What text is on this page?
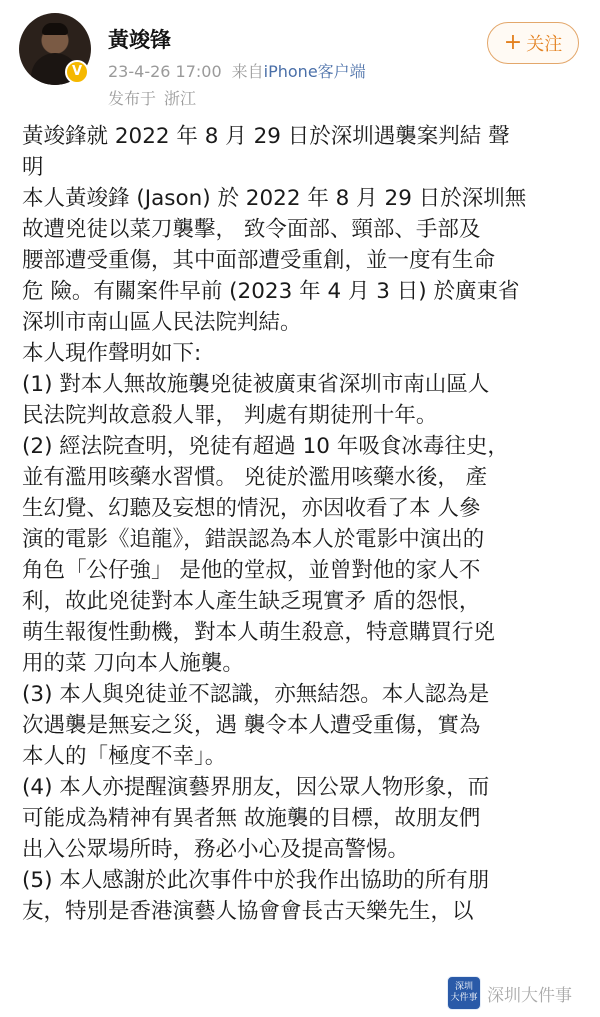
V
黃竣锋
23-4-26 17:00 来自iPhone客户端
发布于 浙江
+ 关注
黃竣鋒就 2022 年 8 月 29 日於深圳遇襲案判結 聲
明
本人黃竣鋒 (Jason) 於 2022 年 8 月 29 日於深圳無
故遭兇徒以菜刀襲擊， 致令面部、頸部、手部及
腰部遭受重傷，其中面部遭受重創，並一度有生命
危 險。有關案件早前 (2023 年 4 月 3 日) 於廣東省
深圳市南山區人民法院判結。
本人現作聲明如下:
(1) 對本人無故施襲兇徒被廣東省深圳市南山區人
民法院判故意殺人罪， 判處有期徒刑十年。
(2) 經法院查明，兇徒有超過 10 年吸食冰毒往史，
並有濫用咳藥水習慣。 兇徒於濫用咳藥水後， 產
生幻覺、幻聽及妄想的情況，亦因收看了本 人參
演的電影《追龍》，錯誤認為本人於電影中演出的
角色「公仔強」 是他的堂叔，並曾對他的家人不
利，故此兇徒對本人產生缺乏現實矛 盾的怨恨，
萌生報復性動機，對本人萌生殺意，特意購買行兇
用的菜 刀向本人施襲。
(3) 本人與兇徒並不認識，亦無結怨。本人認為是
次遇襲是無妄之災，遇 襲令本人遭受重傷，實為
本人的「極度不幸」。
(4) 本人亦提醒演藝界朋友，因公眾人物形象，而
可能成為精神有異者無 故施襲的目標，故朋友們
出入公眾場所時，務必小心及提高警惕。
(5) 本人感謝於此次事件中於我作出協助的所有朋
友，特別是香港演藝人協會會長古天樂先生，以
深圳
大件事 深圳大件事
